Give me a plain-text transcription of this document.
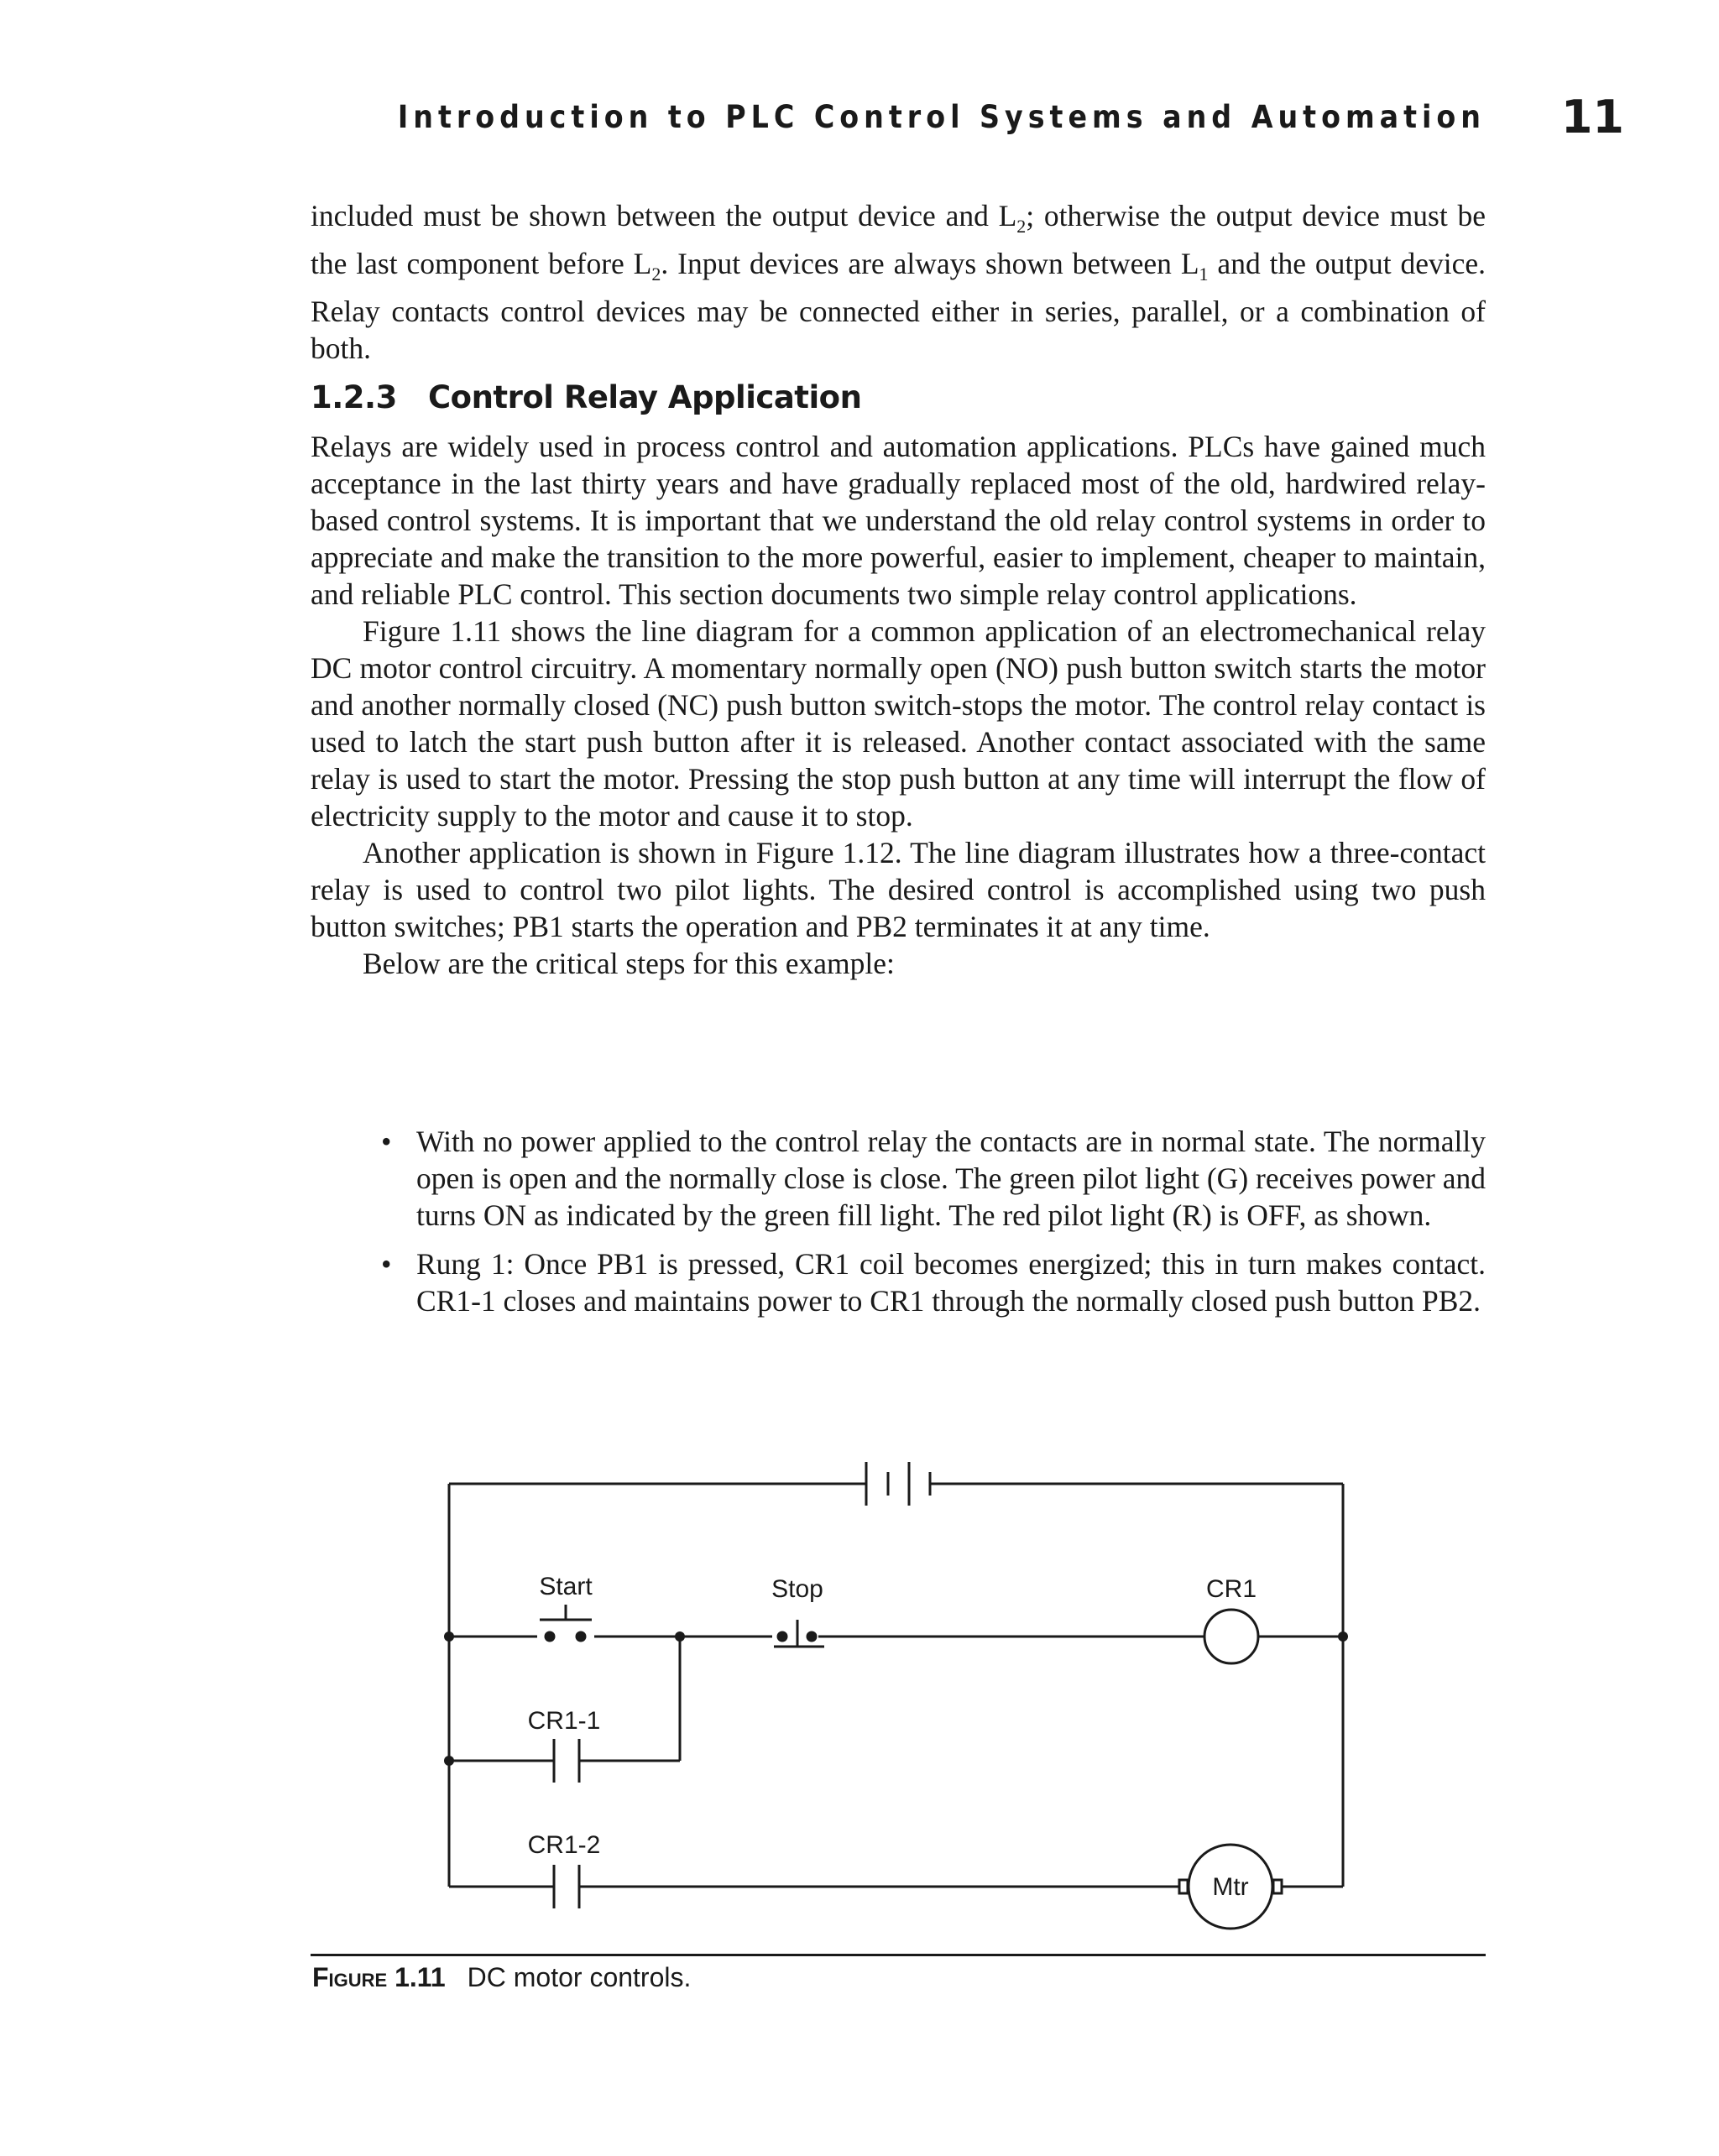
Introduction to PLC Control Systems and Automation	11

included must be shown between the output device and $L_2$; otherwise the output device must be the last component before $L_2$. Input devices are always shown between $L_1$ and the output device. Relay contacts control devices may be connected either in series, parallel, or a combination of both.

1.2.3 Control Relay Application

Relays are widely used in process control and automation applications. PLCs have gained much acceptance in the last thirty years and have gradually replaced most of the old, hardwired relay-based control systems. It is important that we understand the old relay control systems in order to appreciate and make the transition to the more powerful, easier to implement, cheaper to maintain, and reliable PLC control. This section documents two simple relay control applications.

Figure 1.11 shows the line diagram for a common application of an electromechanical relay DC motor control circuitry. A momentary normally open (NO) push button switch starts the motor and another normally closed (NC) push button switch-stops the motor. The control relay contact is used to latch the start push button after it is released. Another contact associated with the same relay is used to start the motor. Pressing the stop push button at any time will interrupt the flow of electricity supply to the motor and cause it to stop.

Another application is shown in Figure 1.12. The line diagram illustrates how a three-contact relay is used to control two pilot lights. The desired control is accomplished using two push button switches; PB1 starts the operation and PB2 terminates it at any time.

Below are the critical steps for this example:

• With no power applied to the control relay the contacts are in normal state. The normally open is open and the normally close is close. The green pilot light (G) receives power and turns ON as indicated by the green fill light. The red pilot light (R) is OFF, as shown.
• Rung 1: Once PB1 is pressed, CR1 coil becomes energized; this in turn makes contact. CR1-1 closes and maintains power to CR1 through the normally closed push button PB2.
Start	Stop	CR1
CR1-1
CR1-2
Mtr
Figure 1.11 DC motor controls.
